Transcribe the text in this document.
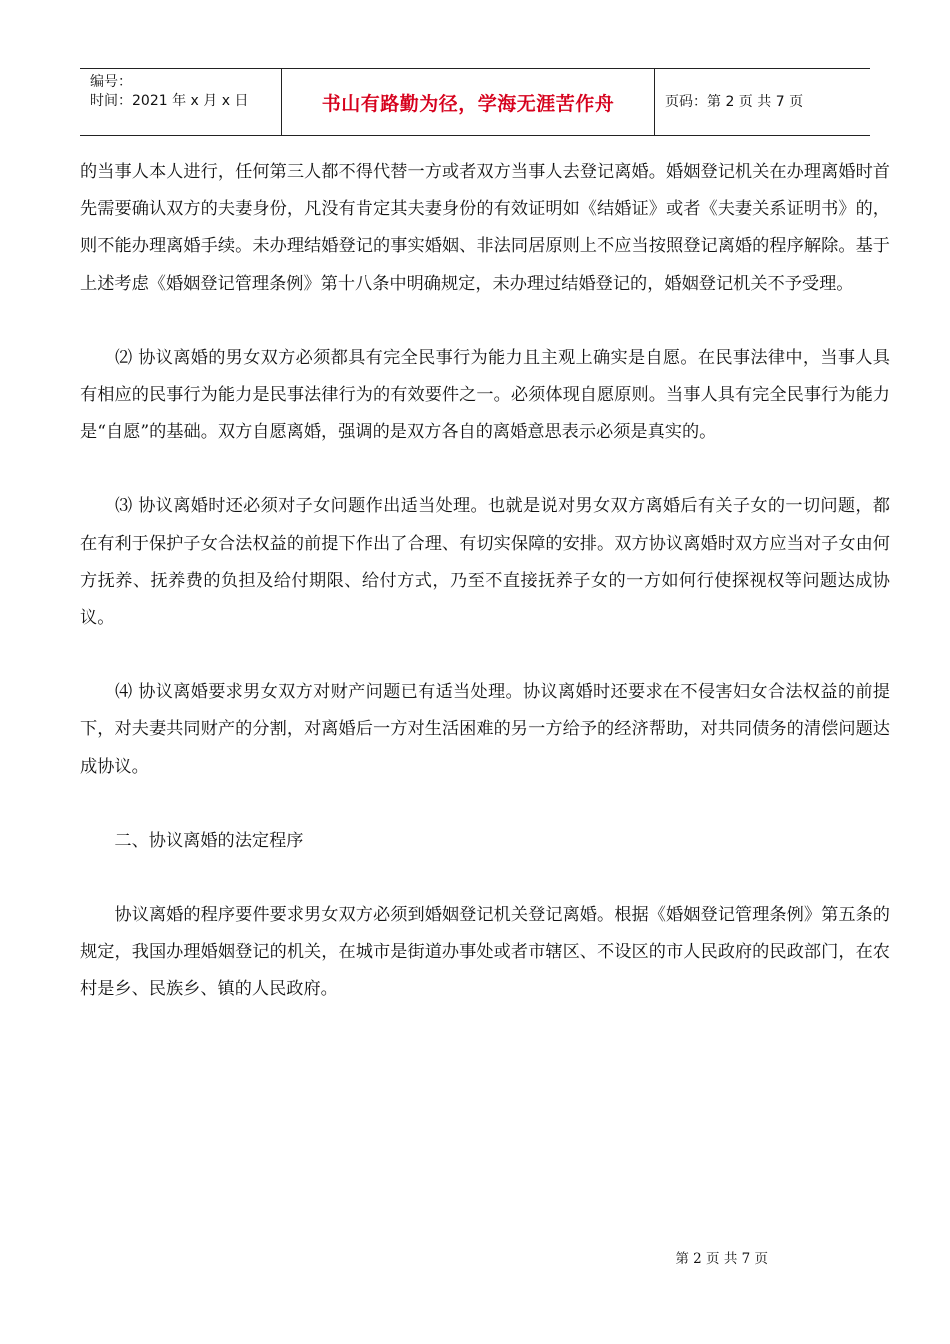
编号：
时间：2021 年 x 月 x 日	书山有路勤为径，学海无涯苦作舟	页码：第 2 页 共 7 页

的当事人本人进行，任何第三人都不得代替一方或者双方当事人去登记离婚。婚姻登记机关在办理离婚时首先需要确认双方的夫妻身份，凡没有肯定其夫妻身份的有效证明如《结婚证》或者《夫妻关系证明书》的，则不能办理离婚手续。未办理结婚登记的事实婚姻、非法同居原则上不应当按照登记离婚的程序解除。基于上述考虑《婚姻登记管理条例》第十八条中明确规定，未办理过结婚登记的，婚姻登记机关不予受理。

　　⑵ 协议离婚的男女双方必须都具有完全民事行为能力且主观上确实是自愿。在民事法律中，当事人具有相应的民事行为能力是民事法律行为的有效要件之一。必须体现自愿原则。当事人具有完全民事行为能力是“自愿”的基础。双方自愿离婚，强调的是双方各自的离婚意思表示必须是真实的。

　　⑶ 协议离婚时还必须对子女问题作出适当处理。也就是说对男女双方离婚后有关子女的一切问题，都在有利于保护子女合法权益的前提下作出了合理、有切实保障的安排。双方协议离婚时双方应当对子女由何方抚养、抚养费的负担及给付期限、给付方式，乃至不直接抚养子女的一方如何行使探视权等问题达成协议。

　　⑷ 协议离婚要求男女双方对财产问题已有适当处理。协议离婚时还要求在不侵害妇女合法权益的前提下，对夫妻共同财产的分割，对离婚后一方对生活困难的另一方给予的经济帮助，对共同债务的清偿问题达成协议。

　　二、协议离婚的法定程序

　　协议离婚的程序要件要求男女双方必须到婚姻登记机关登记离婚。根据《婚姻登记管理条例》第五条的规定，我国办理婚姻登记的机关，在城市是街道办事处或者市辖区、不设区的市人民政府的民政部门，在农村是乡、民族乡、镇的人民政府。

第 2 页 共 7 页
